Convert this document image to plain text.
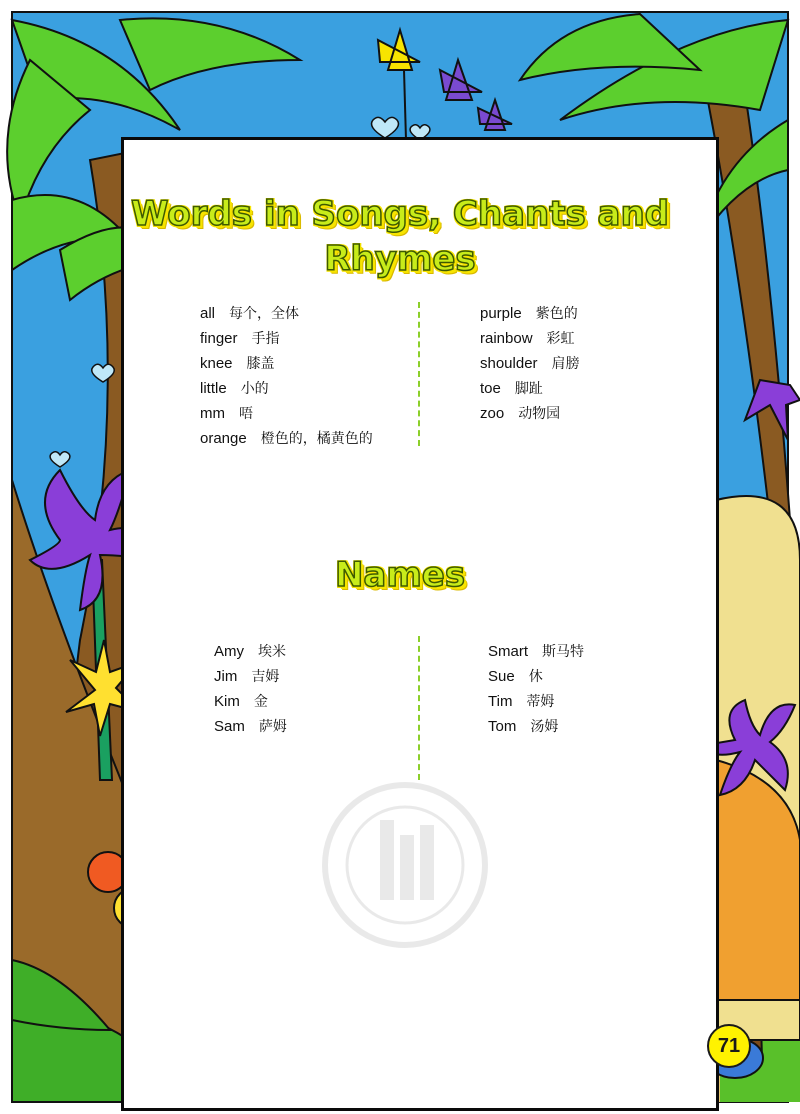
Words in Songs, Chants and
Rhymes
all 每个，全体
finger 手指
knee 膝盖
little 小的
mm 唔
orange 橙色的，橘黄色的
purple 紫色的
rainbow 彩虹
shoulder 肩膀
toe 脚趾
zoo 动物园
Names
Amy 埃米
Jim 吉姆
Kim 金
Sam 萨姆
Smart 斯马特
Sue 休
Tim 蒂姆
Tom 汤姆
71
